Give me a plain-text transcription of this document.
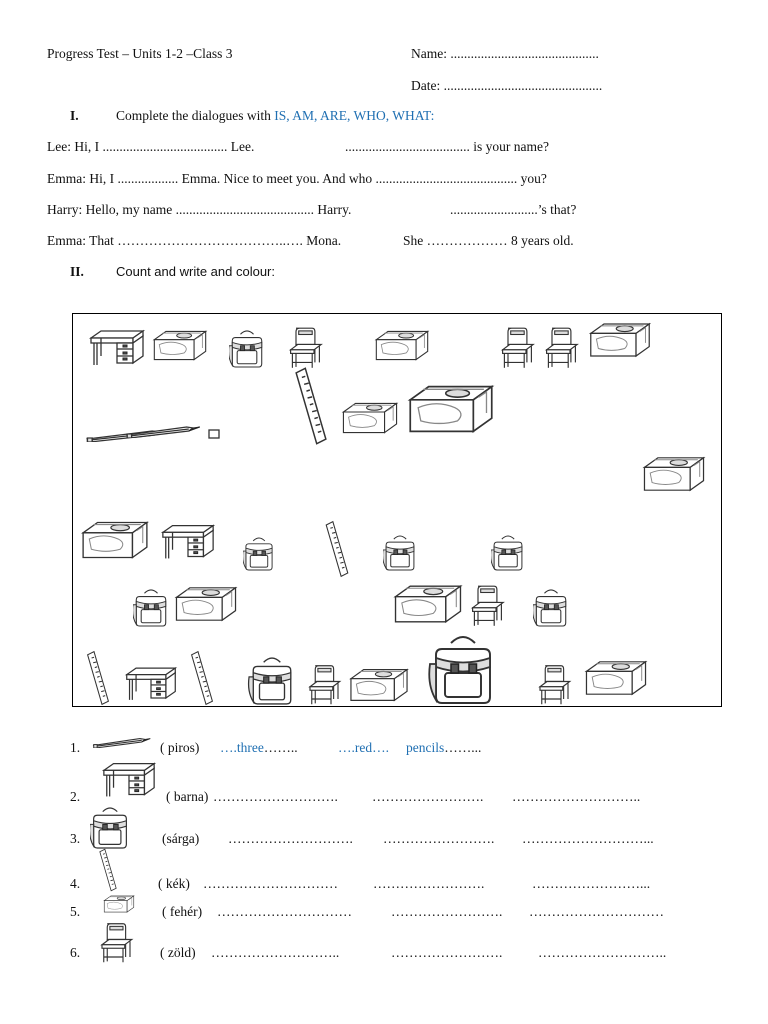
Progress Test – Units 1-2 –Class 3	Name: ............................................
Date: ...............................................
I.	Complete the dialogues with IS, AM, ARE, WHO, WHAT:
Lee: Hi, I ..................................... Lee.	..................................... is your name?
Emma: Hi, I .................. Emma. Nice to meet you. And who .......................................... you?
Harry: Hello, my name ......................................... Harry.	..........................’s that?
Emma: That ………………………………..…. Mona.	She ……………… 8 years old.
II. Count and write and colour:
1.	( piros) ….three……..	….red…. pencils……...
2.	( barna) ……………………….	……………………. ………………………..
3.	(sárga) ………………………. ……………………. ………………………...
4.	( kék) …………………………	…………………….	……………………...
5.	( fehér) …………………………	……………………. …………………………
6.	( zöld) ………………………..	…………………….	………………………..
